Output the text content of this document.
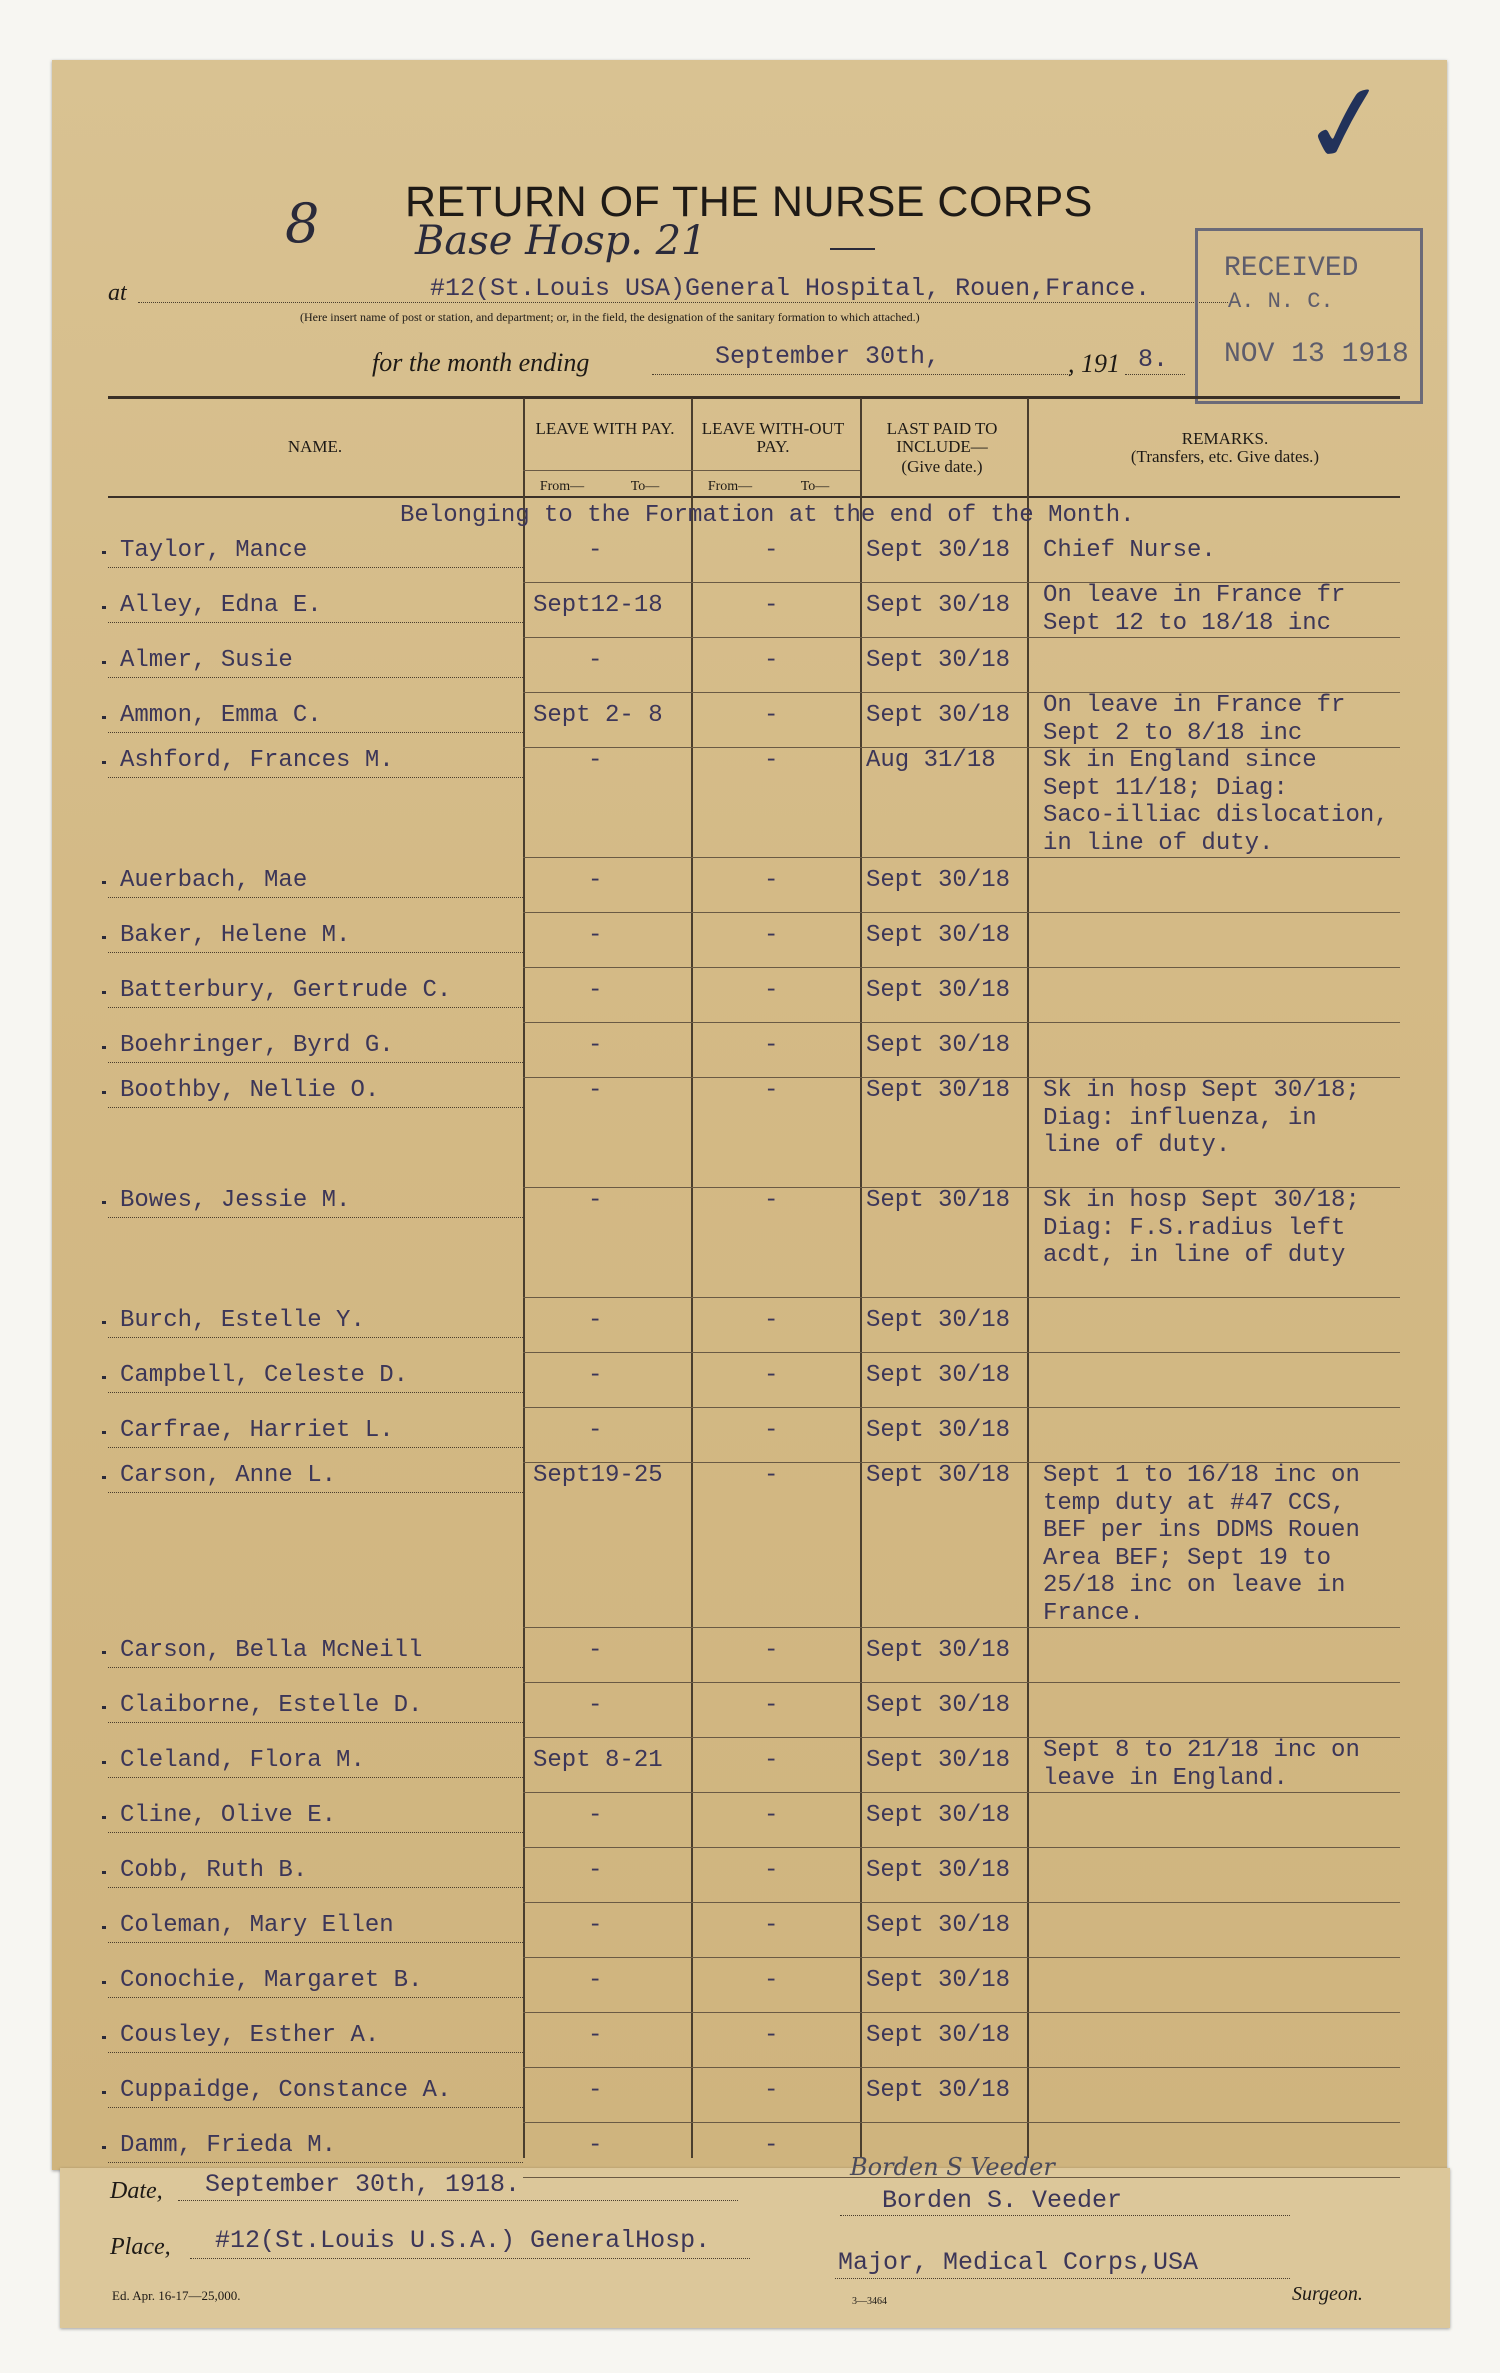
8 RETURN OF THE NURSE CORPS
Base Hosp. 21
at	#12(St.Louis USA)General Hospital, Rouen,France.
(Here insert name of post or station, and department; or, in the field, the designation of the sanitary formation to which attached.)
for the month ending	September 30th,	, 191 8.
RECEIVED
A. N. C.
NOV 13 1918
✓
NAME.
LEAVE WITH PAY.	LEAVE WITH-OUT PAY.
From—	To—	From—	To—
LAST PAID TO INCLUDE—
(Give date.)
REMARKS.
(Transfers, etc. Give dates.)
Belonging to the Formation at the end of the Month.
Taylor, Mance	-	-	Sept 30/18 Chief Nurse.
Alley, Edna E.	Sept12-18	-	Sept 30/18 On leave in France fr
Sept 12 to 18/18 inc
Almer, Susie	-	-	Sept 30/18
Ammon, Emma C.	Sept 2- 8	-	Sept 30/18 On leave in France fr
Sept 2 to 8/18 inc
Ashford, Frances M.	-	-	Aug 31/18 Sk in England since
Sept 11/18; Diag:
Saco-illiac dislocation,
in line of duty.
Auerbach, Mae	-	-	Sept 30/18
Baker, Helene M.	-	-	Sept 30/18
Batterbury, Gertrude C.	-	-	Sept 30/18
Boehringer, Byrd G.	-	-	Sept 30/18
Boothby, Nellie O.	-	-	Sept 30/18 Sk in hosp Sept 30/18;
Diag: influenza, in
line of duty.
Bowes, Jessie M.	-	-	Sept 30/18 Sk in hosp Sept 30/18;
Diag: F.S.radius left
acdt, in line of duty
Burch, Estelle Y.	-	-	Sept 30/18
Campbell, Celeste D.	-	-	Sept 30/18
Carfrae, Harriet L.	-	-	Sept 30/18
Carson, Anne L.	Sept19-25	-	Sept 30/18 Sept 1 to 16/18 inc on
temp duty at #47 CCS,
BEF per ins DDMS Rouen
Area BEF; Sept 19 to
25/18 inc on leave in
France.
Carson, Bella McNeill	-	-	Sept 30/18
Claiborne, Estelle D.	-	-	Sept 30/18
Cleland, Flora M.	Sept 8-21	-	Sept 30/18 Sept 8 to 21/18 inc on
leave in England.
Cline, Olive E.	-	-	Sept 30/18
Cobb, Ruth B.	-	-	Sept 30/18
Coleman, Mary Ellen	-	-	Sept 30/18
Conochie, Margaret B.	-	-	Sept 30/18
Cousley, Esther A.	-	-	Sept 30/18
Cuppaidge, Constance A.	-	-	Sept 30/18
Damm, Frieda M.	-	-
Date, September 30th, 1918.
Place, #12(St.Louis U.S.A.) GeneralHosp.
Borden S Veeder
Borden S. Veeder
Major, Medical Corps,USA
Surgeon.
Ed. Apr. 16-17—25,000.	3—3464
